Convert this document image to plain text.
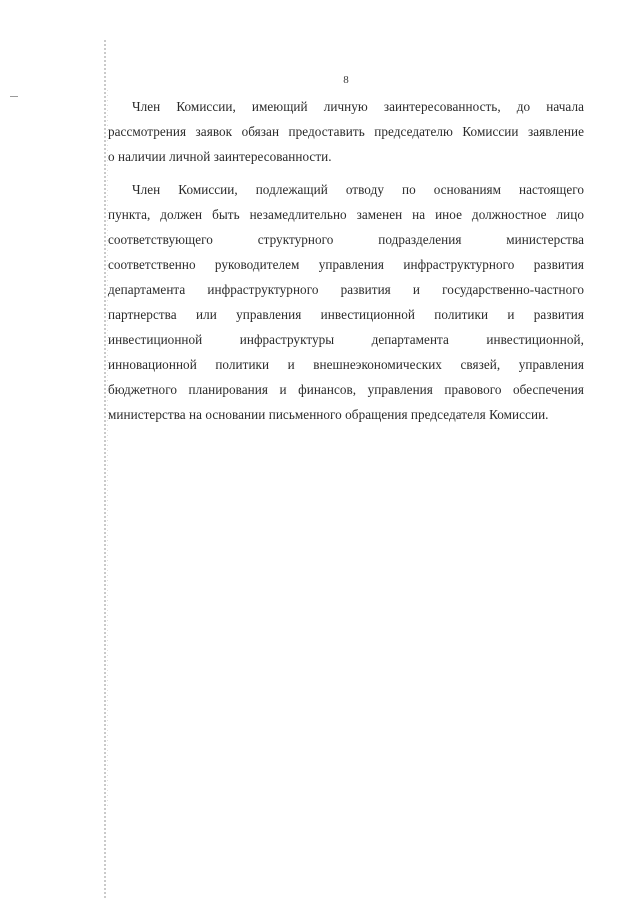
8

Член Комиссии, имеющий личную заинтересованность, до начала
рассмотрения заявок обязан предоставить председателю Комиссии заявление
о наличии личной заинтересованности.

Член Комиссии, подлежащий отводу по основаниям настоящего
пункта, должен быть незамедлительно заменен на иное должностное лицо
соответствующего структурного подразделения министерства
соответственно руководителем управления инфраструктурного развития
департамента инфраструктурного развития и государственно-частного
партнерства или управления инвестиционной политики и развития
инвестиционной инфраструктуры департамента инвестиционной,
инновационной политики и внешнеэкономических связей, управления
бюджетного планирования и финансов, управления правового обеспечения
министерства на основании письменного обращения председателя Комиссии.
